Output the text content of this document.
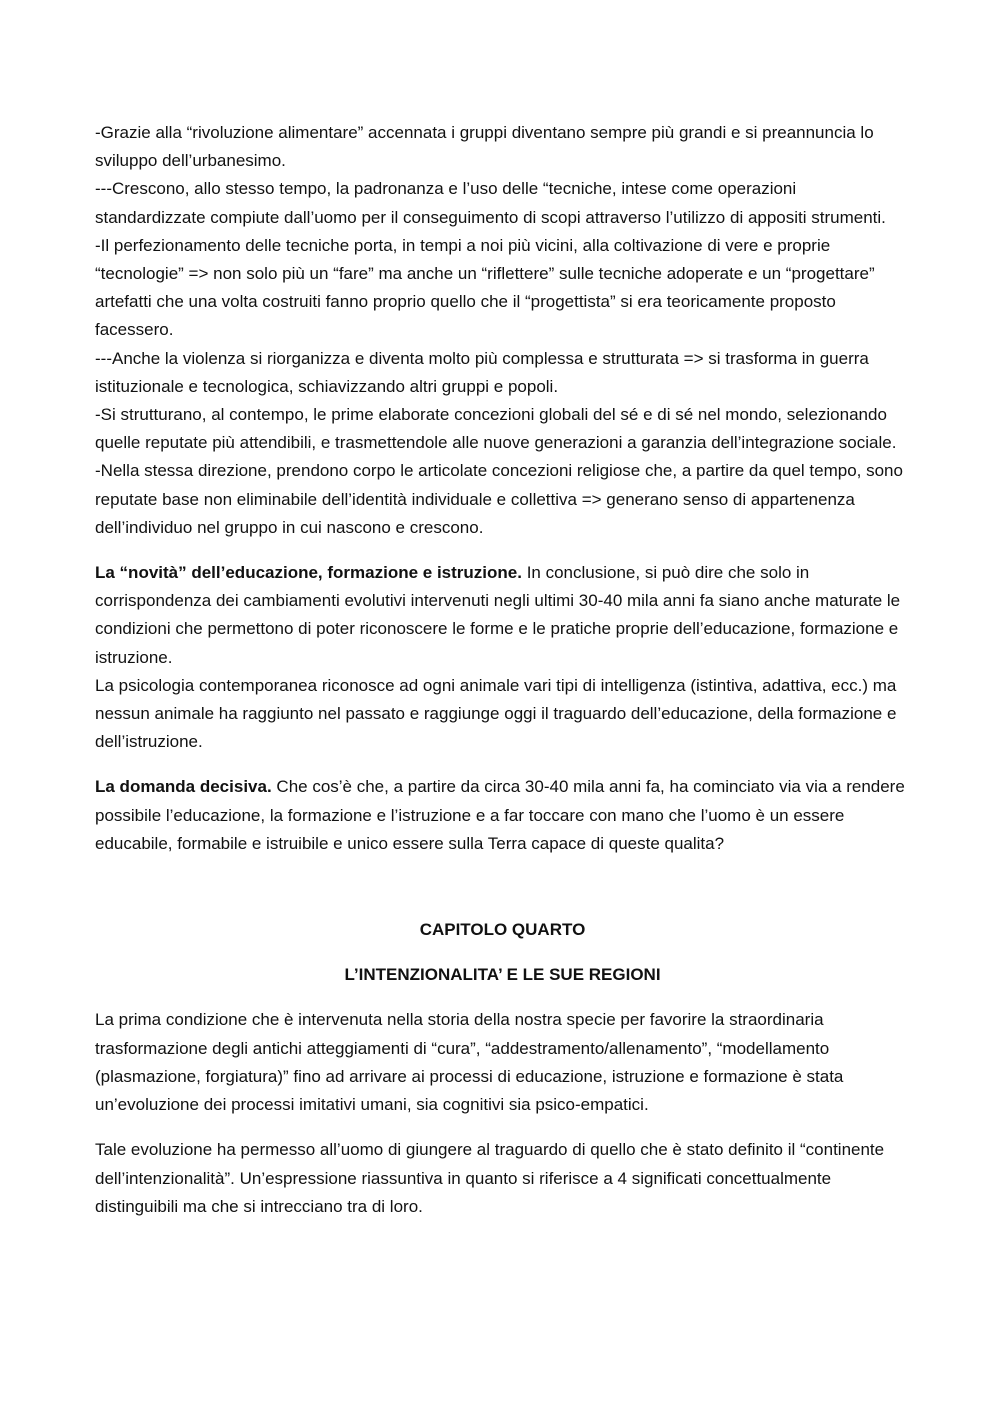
-Grazie alla “rivoluzione alimentare” accennata i gruppi diventano sempre più grandi e si preannuncia lo sviluppo dell’urbanesimo.

---Crescono, allo stesso tempo, la padronanza e l’uso delle “tecniche, intese come operazioni standardizzate compiute dall’uomo per il conseguimento di scopi attraverso l’utilizzo di appositi strumenti.

-Il perfezionamento delle tecniche porta, in tempi a noi più vicini, alla coltivazione di vere e proprie “tecnologie” => non solo più un “fare” ma anche un “riflettere” sulle tecniche adoperate e un “progettare” artefatti che una volta costruiti fanno proprio quello che il “progettista” si era teoricamente proposto facessero.

---Anche la violenza si riorganizza e diventa molto più complessa e strutturata => si trasforma in guerra istituzionale e tecnologica, schiavizzando altri gruppi e popoli.

-Si strutturano, al contempo, le prime elaborate concezioni globali del sé e di sé nel mondo, selezionando quelle reputate più attendibili, e trasmettendole alle nuove generazioni a garanzia dell’integrazione sociale.

-Nella stessa direzione, prendono corpo le articolate concezioni religiose che, a partire da quel tempo, sono reputate base non eliminabile dell’identità individuale e collettiva => generano senso di appartenenza dell’individuo nel gruppo in cui nascono e crescono.

La “novità” dell’educazione, formazione e istruzione. In conclusione, si può dire che solo in corrispondenza dei cambiamenti evolutivi intervenuti negli ultimi 30-40 mila anni fa siano anche maturate le condizioni che permettono di poter riconoscere le forme e le pratiche proprie dell’educazione, formazione e istruzione.

La psicologia contemporanea riconosce ad ogni animale vari tipi di intelligenza (istintiva, adattiva, ecc.) ma nessun animale ha raggiunto nel passato e raggiunge oggi il traguardo dell’educazione, della formazione e dell’istruzione.

La domanda decisiva. Che cos’è che, a partire da circa 30-40 mila anni fa, ha cominciato via via a rendere possibile l’educazione, la formazione e l’istruzione e a far toccare con mano che l’uomo è un essere educabile, formabile e istruibile e unico essere sulla Terra capace di queste qualita?

CAPITOLO QUARTO

L’INTENZIONALITA’ E LE SUE REGIONI

La prima condizione che è intervenuta nella storia della nostra specie per favorire la straordinaria trasformazione degli antichi atteggiamenti di “cura”, “addestramento/allenamento”, “modellamento (plasmazione, forgiatura)” fino ad arrivare ai processi di educazione, istruzione e formazione è stata un’evoluzione dei processi imitativi umani, sia cognitivi sia psico-empatici.

Tale evoluzione ha permesso all’uomo di giungere al traguardo di quello che è stato definito il “continente dell’intenzionalità”. Un’espressione riassuntiva in quanto si riferisce a 4 significati concettualmente distinguibili ma che si intrecciano tra di loro.
